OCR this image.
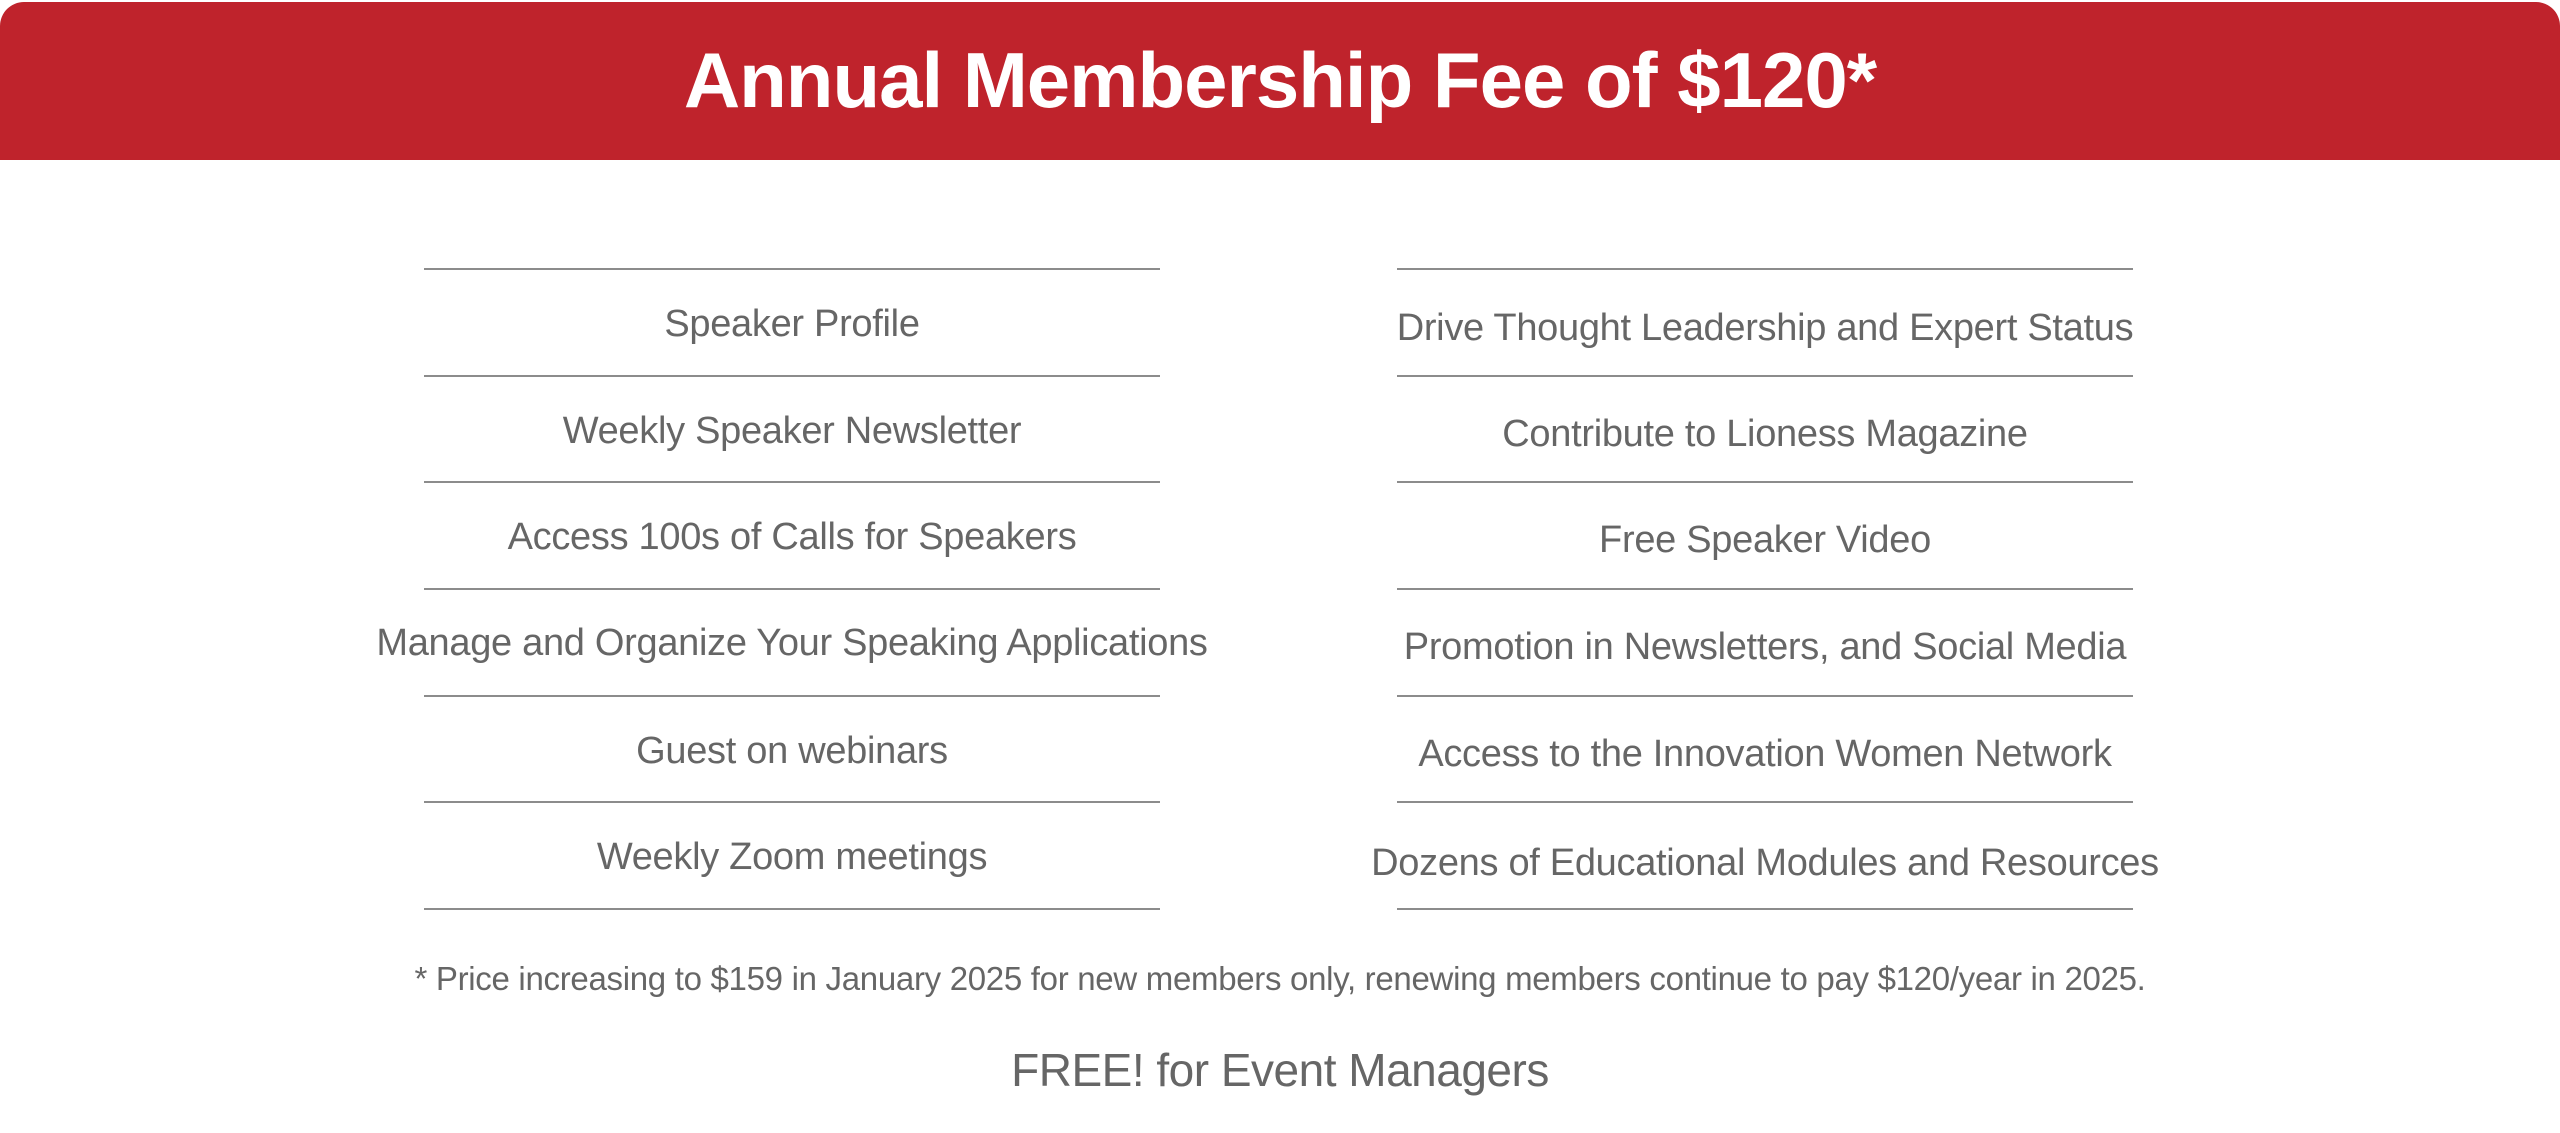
Annual Membership Fee of $120*
Speaker Profile
Weekly Speaker Newsletter
Access 100s of Calls for Speakers
Manage and Organize Your Speaking Applications
Guest on webinars
Weekly Zoom meetings
Drive Thought Leadership and Expert Status
Contribute to Lioness Magazine
Free Speaker Video
Promotion in Newsletters, and Social Media
Access to the Innovation Women Network
Dozens of Educational Modules and Resources
* Price increasing to $159 in January 2025 for new members only, renewing members continue to pay $120/year in 2025.
FREE! for Event Managers
